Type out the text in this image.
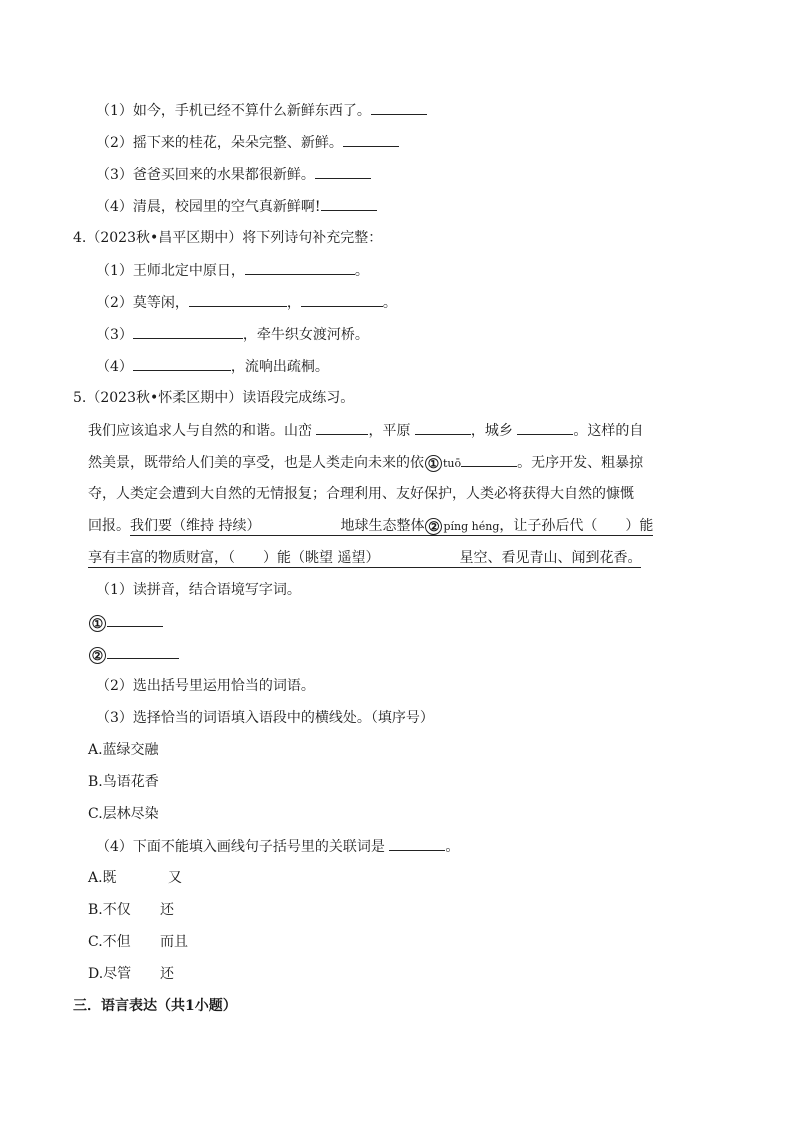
（1）如今，手机已经不算什么新鲜东西了。
（2）摇下来的桂花，朵朵完整、新鲜。
（3）爸爸买回来的水果都很新鲜。
（4）清晨，校园里的空气真新鲜啊!
4.（2023秋•昌平区期中）将下列诗句补充完整：
（1）王师北定中原日，	。
（2）莫等闲，	，	。
（3）	，牵牛织女渡河桥。
（4）	，流响出疏桐。
5.（2023秋•怀柔区期中）读语段完成练习。
我们应该追求人与自然的和谐。山峦	，平原	，城乡	。这样的自
然美景，既带给人们美的享受，也是人类走向未来的依 ① tuō	。无序开发、粗暴掠
夺，人类定会遭到大自然的无情报复；合理利用、友好保护，人类必将获得大自然的慷慨
回报。我们要（维持 持续）	地球生态整体 ② píng héng，让子孙后代（ ）能
享有丰富的物质财富，（ ）能（眺望 遥望）	星空、看见青山、闻到花香。
（1）读拼音，结合语境写字词。
①
②
（2）选出括号里运用恰当的词语。
（3）选择恰当的词语填入语段中的横线处。（填序号）
A.蓝绿交融
B.鸟语花香
C.层林尽染
（4）下面不能填入画线句子括号里的关联词是	。
A.既	又
B.不仅 还
C.不但 而且
D.尽管 还
三．语言表达（共1小题）
